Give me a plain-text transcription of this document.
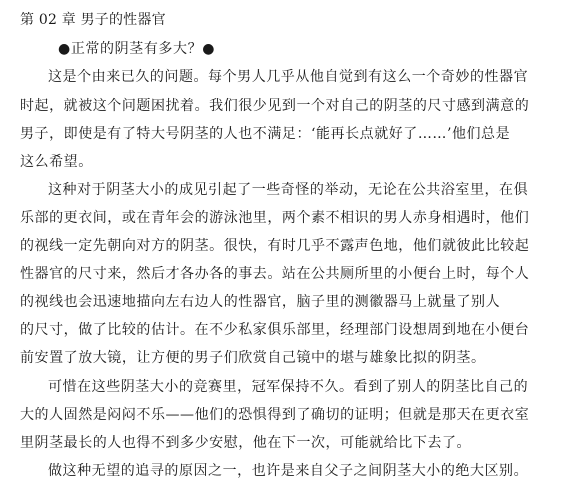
第 02 章 男子的性器官
●正常的阴茎有多大？●
这是个由来已久的问题。每个男人几乎从他自觉到有这么一个奇妙的性器官
时起，就被这个问题困扰着。我们很少见到一个对自己的阴茎的尺寸感到满意的
男子，即使是有了特大号阴茎的人也不满足：‘能再长点就好了……’他们总是
这么希望。
这种对于阴茎大小的成见引起了一些奇怪的举动，无论在公共浴室里，在俱
乐部的更衣间，或在青年会的游泳池里，两个素不相识的男人赤身相遇时，他们
的视线一定先朝向对方的阴茎。很快，有时几乎不露声色地，他们就彼此比较起
性器官的尺寸来，然后才各办各的事去。站在公共厕所里的小便台上时，每个人
的视线也会迅速地描向左右边人的性器官，脑子里的测徽器马上就量了别人
的尺寸，做了比较的估计。在不少私家俱乐部里，经理部门设想周到地在小便台
前安置了放大镜，让方便的男子们欣赏自己镜中的堪与雄象比拟的阴茎。
可惜在这些阴茎大小的竞赛里，冠军保持不久。看到了别人的阴茎比自己的
大的人固然是闷闷不乐——他们的恐惧得到了确切的证明；但就是那天在更衣室
里阴茎最长的人也得不到多少安慰，他在下一次，可能就给比下去了。
做这种无望的追寻的原因之一，也许是来自父子之间阴茎大小的绝大区别。
